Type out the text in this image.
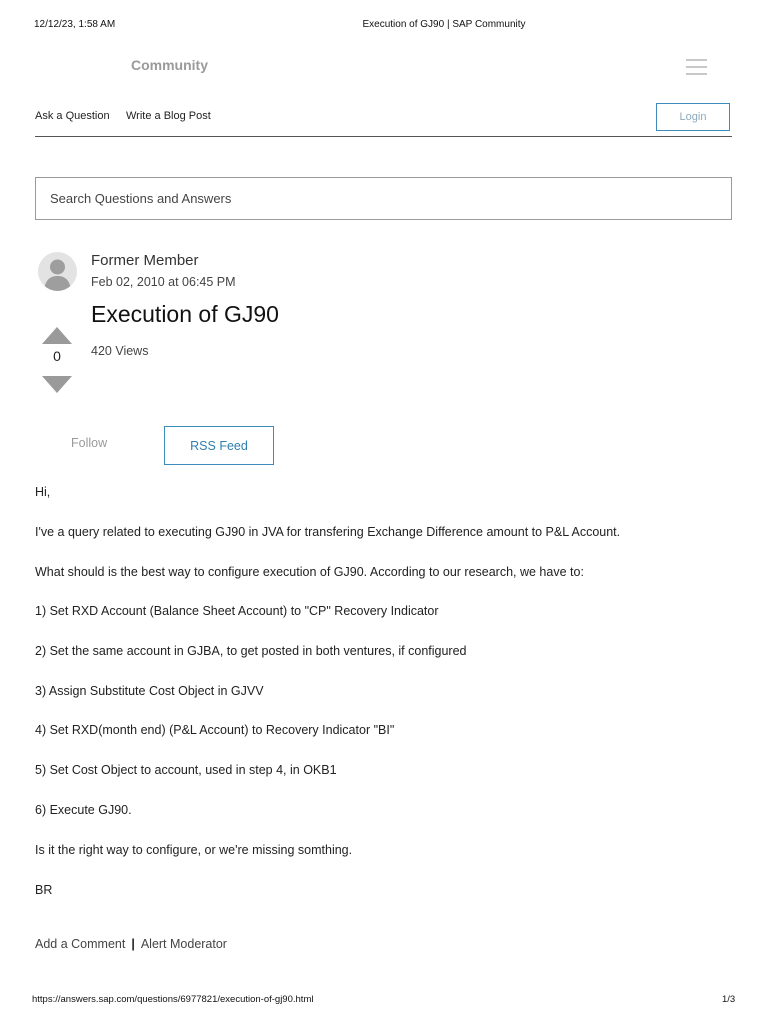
12/12/23, 1:58 AM	Execution of GJ90 | SAP Community
Community
Ask a Question Write a Blog Post	Login
Search Questions and Answers
Former Member
Feb 02, 2010 at 06:45 PM
Execution of GJ90
420 Views
0
Follow	RSS Feed
Hi,
I've a query related to executing GJ90 in JVA for transfering Exchange Difference amount to P&L Account.
What should is the best way to configure execution of GJ90. According to our research, we have to:
1) Set RXD Account (Balance Sheet Account) to "CP" Recovery Indicator
2) Set the same account in GJBA, to get posted in both ventures, if configured
3) Assign Substitute Cost Object in GJVV
4) Set RXD(month end) (P&L Account) to Recovery Indicator "BI"
5) Set Cost Object to account, used in step 4, in OKB1
6) Execute GJ90.
Is it the right way to configure, or we're missing somthing.
BR
Add a Comment | Alert Moderator
https://answers.sap.com/questions/6977821/execution-of-gj90.html	1/3
